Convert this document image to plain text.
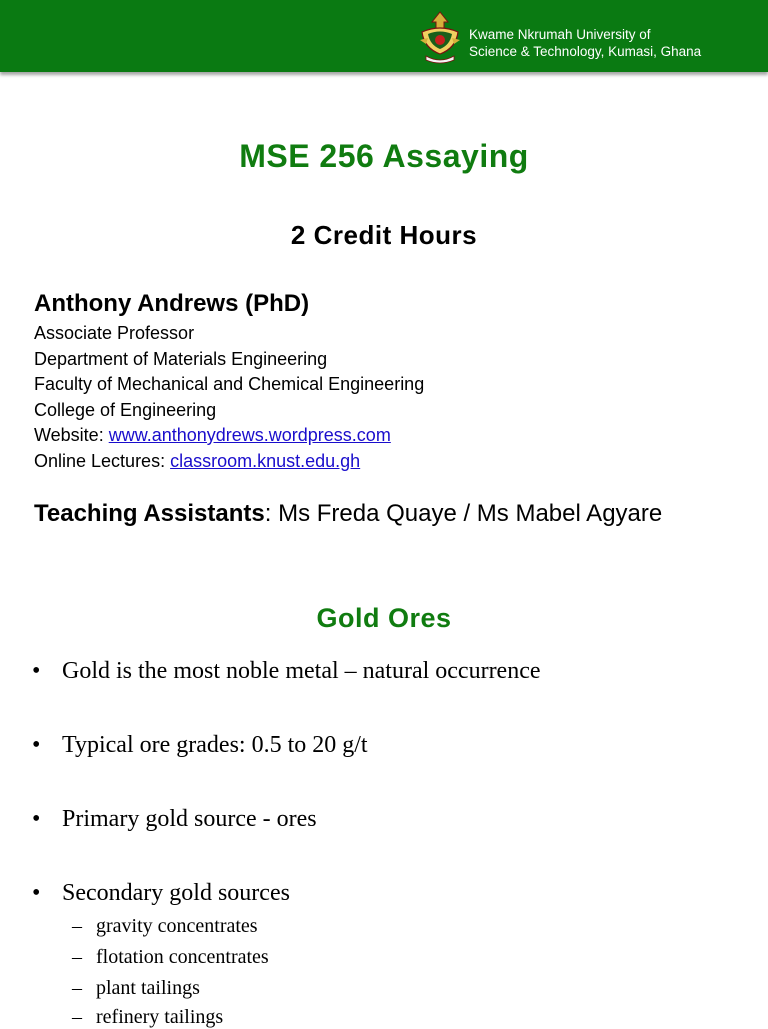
Kwame Nkrumah University of
Science & Technology, Kumasi, Ghana
MSE 256 Assaying
2 Credit Hours
Anthony Andrews (PhD)
Associate Professor
Department of Materials Engineering
Faculty of Mechanical and Chemical Engineering
College of Engineering
Website: www.anthonydrews.wordpress.com
Online Lectures: classroom.knust.edu.gh
Teaching Assistants: Ms Freda Quaye / Ms Mabel Agyare
Gold Ores
• Gold is the most noble metal – natural occurrence
• Typical ore grades: 0.5 to 20 g/t
• Primary gold source - ores
• Secondary gold sources
– gravity concentrates
– flotation concentrates
– plant tailings
– refinery tailings
